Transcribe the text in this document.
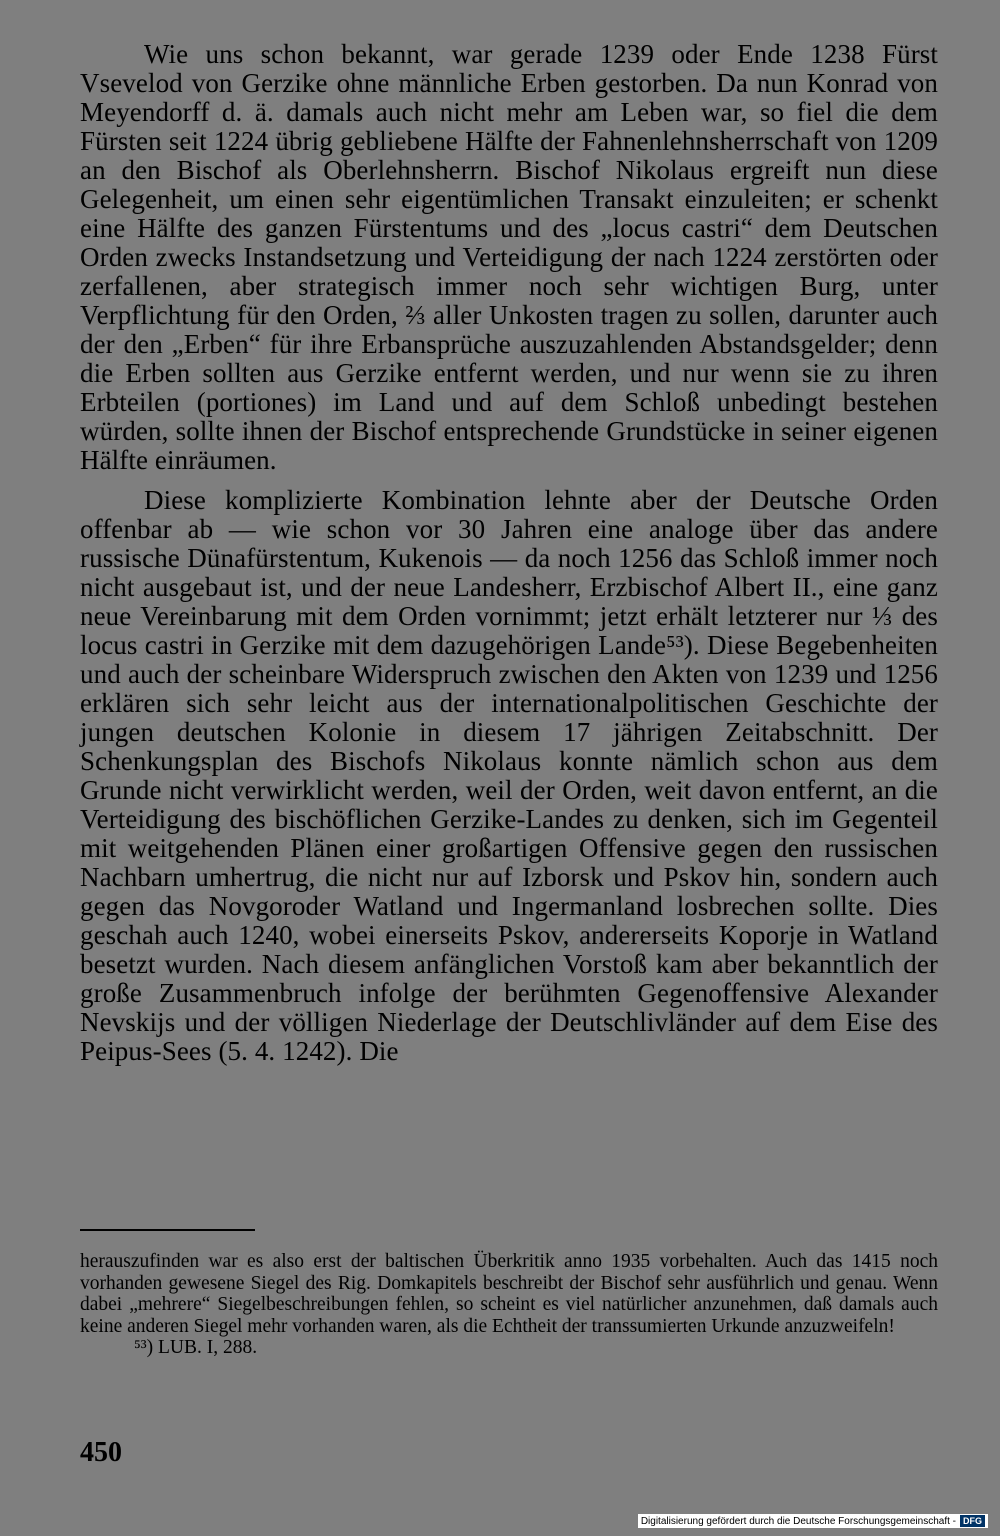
Wie uns schon bekannt, war gerade 1239 oder Ende 1238 Fürst Vsevelod von Gerzike ohne männliche Erben gestorben. Da nun Konrad von Meyendorff d. ä. damals auch nicht mehr am Leben war, so fiel die dem Fürsten seit 1224 übrig gebliebene Hälfte der Fahnenlehnsherrschaft von 1209 an den Bischof als Oberlehnsherrn. Bischof Nikolaus ergreift nun diese Gelegenheit, um einen sehr eigentümlichen Transakt einzuleiten; er schenkt eine Hälfte des ganzen Fürstentums und des „locus castri“ dem Deutschen Orden zwecks Instandsetzung und Verteidigung der nach 1224 zerstörten oder zerfallenen, aber strategisch immer noch sehr wichtigen Burg, unter Verpflichtung für den Orden, ⅔ aller Unkosten tragen zu sollen, darunter auch der den „Erben“ für ihre Erbansprüche auszuzahlenden Abstandsgelder; denn die Erben sollten aus Gerzike entfernt werden, und nur wenn sie zu ihren Erbteilen (portiones) im Land und auf dem Schloß unbedingt bestehen würden, sollte ihnen der Bischof entsprechende Grundstücke in seiner eigenen Hälfte einräumen.

Diese komplizierte Kombination lehnte aber der Deutsche Orden offenbar ab — wie schon vor 30 Jahren eine analoge über das andere russische Dünafürstentum, Kukenois — da noch 1256 das Schloß immer noch nicht ausgebaut ist, und der neue Landesherr, Erzbischof Albert II., eine ganz neue Vereinbarung mit dem Orden vornimmt; jetzt erhält letzterer nur ⅓ des locus castri in Gerzike mit dem dazugehörigen Lande⁵³). Diese Begebenheiten und auch der scheinbare Widerspruch zwischen den Akten von 1239 und 1256 erklären sich sehr leicht aus der internationalpolitischen Geschichte der jungen deutschen Kolonie in diesem 17 jährigen Zeitabschnitt. Der Schenkungsplan des Bischofs Nikolaus konnte nämlich schon aus dem Grunde nicht verwirklicht werden, weil der Orden, weit davon entfernt, an die Verteidigung des bischöflichen Gerzike-Landes zu denken, sich im Gegenteil mit weitgehenden Plänen einer großartigen Offensive gegen den russischen Nachbarn umhertrug, die nicht nur auf Izborsk und Pskov hin, sondern auch gegen das Novgoroder Watland und Ingermanland losbrechen sollte. Dies geschah auch 1240, wobei einerseits Pskov, andererseits Koporje in Watland besetzt wurden. Nach diesem anfänglichen Vorstoß kam aber bekanntlich der große Zusammenbruch infolge der berühmten Gegenoffensive Alexander Nevskijs und der völligen Niederlage der Deutschlivländer auf dem Eise des Peipus-Sees (5. 4. 1242). Die

herauszufinden war es also erst der baltischen Überkritik anno 1935 vorbehalten. Auch das 1415 noch vorhanden gewesene Siegel des Rig. Domkapitels beschreibt der Bischof sehr ausführlich und genau. Wenn dabei „mehrere“ Siegelbeschreibungen fehlen, so scheint es viel natürlicher anzunehmen, daß damals auch keine anderen Siegel mehr vorhanden waren, als die Echtheit der transsumierten Urkunde anzuzweifeln!

⁵³) LUB. I, 288.

450
Digitalisierung gefördert durch die Deutsche Forschungsgemeinschaft - DFG
